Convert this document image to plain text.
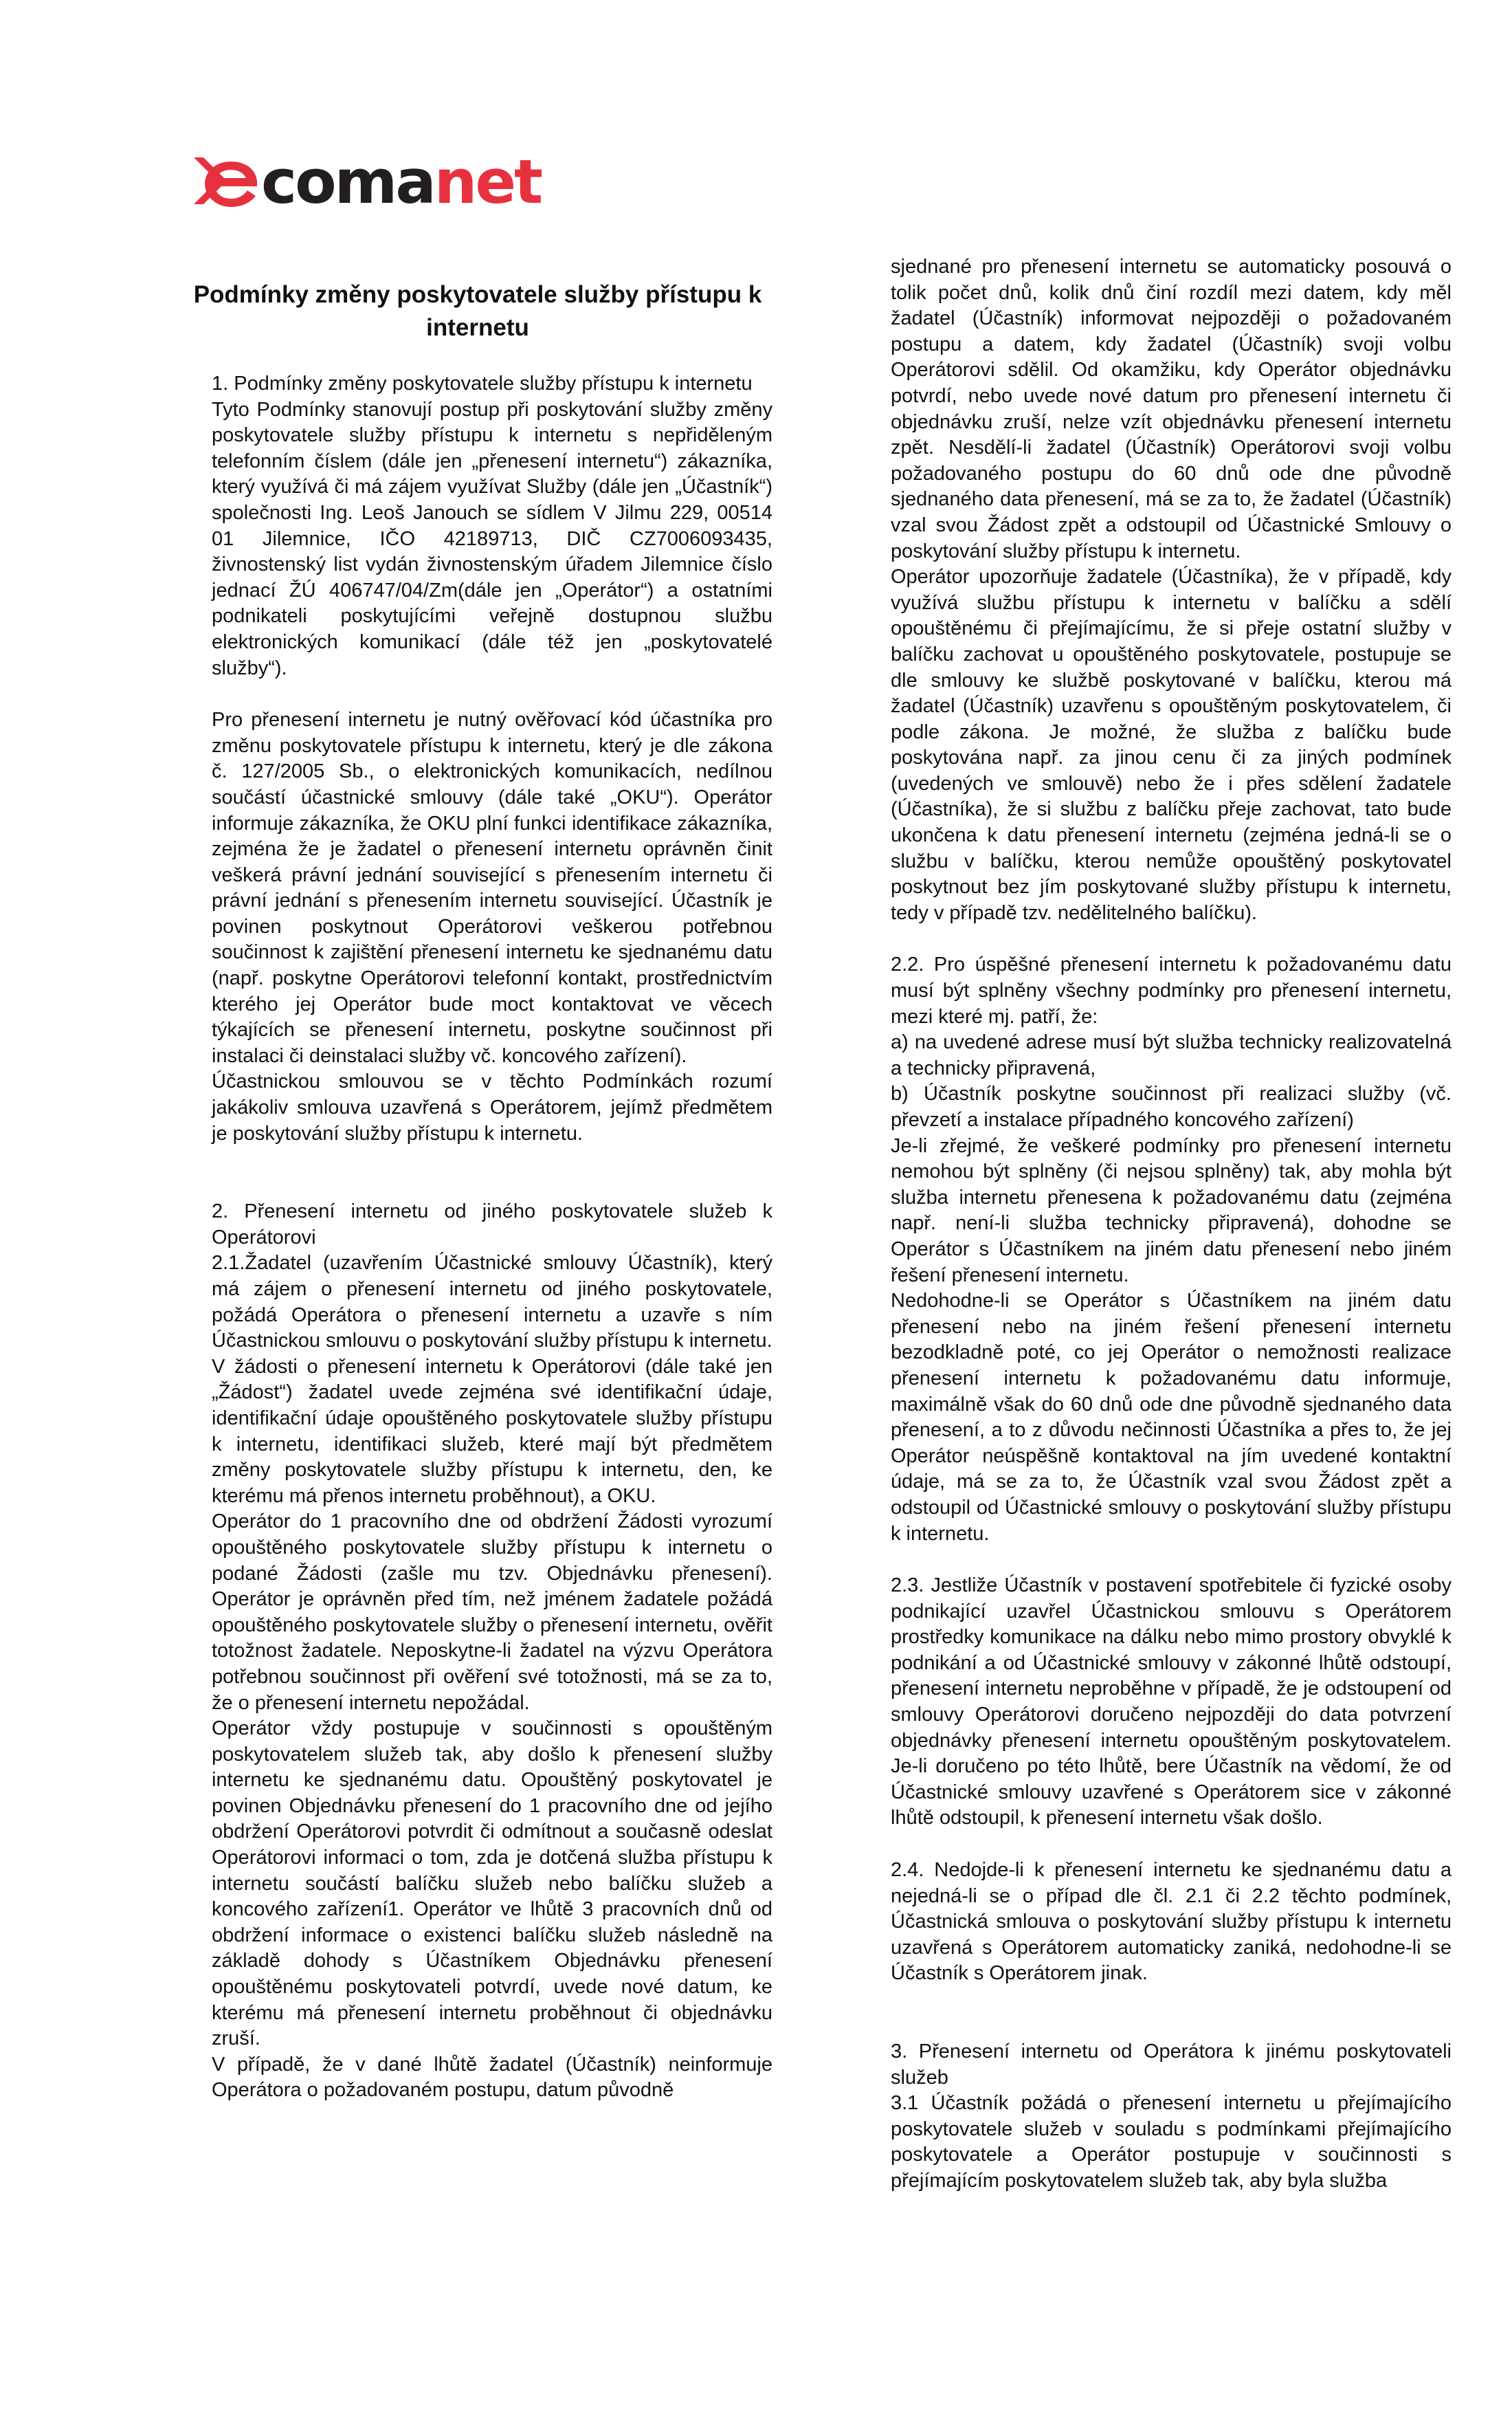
comanet
Podmínky změny poskytovatele služby přístupu k internetu

1. Podmínky změny poskytovatele služby přístupu k internetu

Tyto Podmínky stanovují postup při poskytování služby změny poskytovatele služby přístupu k internetu s nepřiděleným telefonním číslem (dále jen „přenesení internetu“) zákazníka, který využívá či má zájem využívat Služby (dále jen „Účastník“) společnosti Ing. Leoš Janouch se sídlem V Jilmu 229, 00514 01 Jilemnice, IČO 42189713, DIČ CZ7006093435, živnostenský list vydán živnostenským úřadem Jilemnice číslo jednací ŽÚ 406747/04/Zm(dále jen „Operátor“) a ostatními podnikateli poskytujícími veřejně dostupnou službu elektronických komunikací (dále též jen „poskytovatelé služby“).

Pro přenesení internetu je nutný ověřovací kód účastníka pro změnu poskytovatele přístupu k internetu, který je dle zákona č. 127/2005 Sb., o elektronických komunikacích, nedílnou součástí účastnické smlouvy (dále také „OKU“). Operátor informuje zákazníka, že OKU plní funkci identifikace zákazníka, zejména že je žadatel o přenesení internetu oprávněn činit veškerá právní jednání související s přenesením internetu či právní jednání s přenesením internetu související. Účastník je povinen poskytnout Operátorovi veškerou potřebnou součinnost k zajištění přenesení internetu ke sjednanému datu (např. poskytne Operátorovi telefonní kontakt, prostřednictvím kterého jej Operátor bude moct kontaktovat ve věcech týkajících se přenesení internetu, poskytne součinnost při instalaci či deinstalaci služby vč. koncového zařízení).

Účastnickou smlouvou se v těchto Podmínkách rozumí jakákoliv smlouva uzavřená s Operátorem, jejímž předmětem je poskytování služby přístupu k internetu.

2. Přenesení internetu od jiného poskytovatele služeb k Operátorovi

2.1.Žadatel (uzavřením Účastnické smlouvy Účastník), který má zájem o přenesení internetu od jiného poskytovatele, požádá Operátora o přenesení internetu a uzavře s ním Účastnickou smlouvu o poskytování služby přístupu k internetu.

V žádosti o přenesení internetu k Operátorovi (dále také jen „Žádost“) žadatel uvede zejména své identifikační údaje, identifikační údaje opouštěného poskytovatele služby přístupu k internetu, identifikaci služeb, které mají být předmětem změny poskytovatele služby přístupu k internetu, den, ke kterému má přenos internetu proběhnout), a OKU.

Operátor do 1 pracovního dne od obdržení Žádosti vyrozumí opouštěného poskytovatele služby přístupu k internetu o podané Žádosti (zašle mu tzv. Objednávku přenesení). Operátor je oprávněn před tím, než jménem žadatele požádá opouštěného poskytovatele služby o přenesení internetu, ověřit totožnost žadatele. Neposkytne-li žadatel na výzvu Operátora potřebnou součinnost při ověření své totožnosti, má se za to, že o přenesení internetu nepožádal.

Operátor vždy postupuje v součinnosti s opouštěným poskytovatelem služeb tak, aby došlo k přenesení služby internetu ke sjednanému datu. Opouštěný poskytovatel je povinen Objednávku přenesení do 1 pracovního dne od jejího obdržení Operátorovi potvrdit či odmítnout a současně odeslat Operátorovi informaci o tom, zda je dotčená služba přístupu k internetu součástí balíčku služeb nebo balíčku služeb a koncového zařízení1. Operátor ve lhůtě 3 pracovních dnů od obdržení informace o existenci balíčku služeb následně na základě dohody s Účastníkem Objednávku přenesení opouštěnému poskytovateli potvrdí, uvede nové datum, ke kterému má přenesení internetu proběhnout či objednávku zruší.

V případě, že v dané lhůtě žadatel (Účastník) neinformuje Operátora o požadovaném postupu, datum původně

sjednané pro přenesení internetu se automaticky posouvá o tolik počet dnů, kolik dnů činí rozdíl mezi datem, kdy měl žadatel (Účastník) informovat nejpozději o požadovaném postupu a datem, kdy žadatel (Účastník) svoji volbu Operátorovi sdělil. Od okamžiku, kdy Operátor objednávku potvrdí, nebo uvede nové datum pro přenesení internetu či objednávku zruší, nelze vzít objednávku přenesení internetu zpět. Nesdělí-li žadatel (Účastník) Operátorovi svoji volbu požadovaného postupu do 60 dnů ode dne původně sjednaného data přenesení, má se za to, že žadatel (Účastník) vzal svou Žádost zpět a odstoupil od Účastnické Smlouvy o poskytování služby přístupu k internetu.

Operátor upozorňuje žadatele (Účastníka), že v případě, kdy využívá službu přístupu k internetu v balíčku a sdělí opouštěnému či přejímajícímu, že si přeje ostatní služby v balíčku zachovat u opouštěného poskytovatele, postupuje se dle smlouvy ke službě poskytované v balíčku, kterou má žadatel (Účastník) uzavřenu s opouštěným poskytovatelem, či podle zákona. Je možné, že služba z balíčku bude poskytována např. za jinou cenu či za jiných podmínek (uvedených ve smlouvě) nebo že i přes sdělení žadatele (Účastníka), že si službu z balíčku přeje zachovat, tato bude ukončena k datu přenesení internetu (zejména jedná-li se o službu v balíčku, kterou nemůže opouštěný poskytovatel poskytnout bez jím poskytované služby přístupu k internetu, tedy v případě tzv. nedělitelného balíčku).

2.2. Pro úspěšné přenesení internetu k požadovanému datu musí být splněny všechny podmínky pro přenesení internetu, mezi které mj. patří, že:

a) na uvedené adrese musí být služba technicky realizovatelná a technicky připravená,

b) Účastník poskytne součinnost při realizaci služby (vč. převzetí a instalace případného koncového zařízení)

Je-li zřejmé, že veškeré podmínky pro přenesení internetu nemohou být splněny (či nejsou splněny) tak, aby mohla být služba internetu přenesena k požadovanému datu (zejména např. není-li služba technicky připravená), dohodne se Operátor s Účastníkem na jiném datu přenesení nebo jiném řešení přenesení internetu.

Nedohodne-li se Operátor s Účastníkem na jiném datu přenesení nebo na jiném řešení přenesení internetu bezodkladně poté, co jej Operátor o nemožnosti realizace přenesení internetu k požadovanému datu informuje, maximálně však do 60 dnů ode dne původně sjednaného data přenesení, a to z důvodu nečinnosti Účastníka a přes to, že jej Operátor neúspěšně kontaktoval na jím uvedené kontaktní údaje, má se za to, že Účastník vzal svou Žádost zpět a odstoupil od Účastnické smlouvy o poskytování služby přístupu k internetu.

2.3. Jestliže Účastník v postavení spotřebitele či fyzické osoby podnikající uzavřel Účastnickou smlouvu s Operátorem prostředky komunikace na dálku nebo mimo prostory obvyklé k podnikání a od Účastnické smlouvy v zákonné lhůtě odstoupí, přenesení internetu neproběhne v případě, že je odstoupení od smlouvy Operátorovi doručeno nejpozději do data potvrzení objednávky přenesení internetu opouštěným poskytovatelem. Je-li doručeno po této lhůtě, bere Účastník na vědomí, že od Účastnické smlouvy uzavřené s Operátorem sice v zákonné lhůtě odstoupil, k přenesení internetu však došlo.

2.4. Nedojde-li k přenesení internetu ke sjednanému datu a nejedná-li se o případ dle čl. 2.1 či 2.2 těchto podmínek, Účastnická smlouva o poskytování služby přístupu k internetu uzavřená s Operátorem automaticky zaniká, nedohodne-li se Účastník s Operátorem jinak.

3. Přenesení internetu od Operátora k jinému poskytovateli služeb

3.1 Účastník požádá o přenesení internetu u přejímajícího poskytovatele služeb v souladu s podmínkami přejímajícího poskytovatele a Operátor postupuje v součinnosti s přejímajícím poskytovatelem služeb tak, aby byla služba
